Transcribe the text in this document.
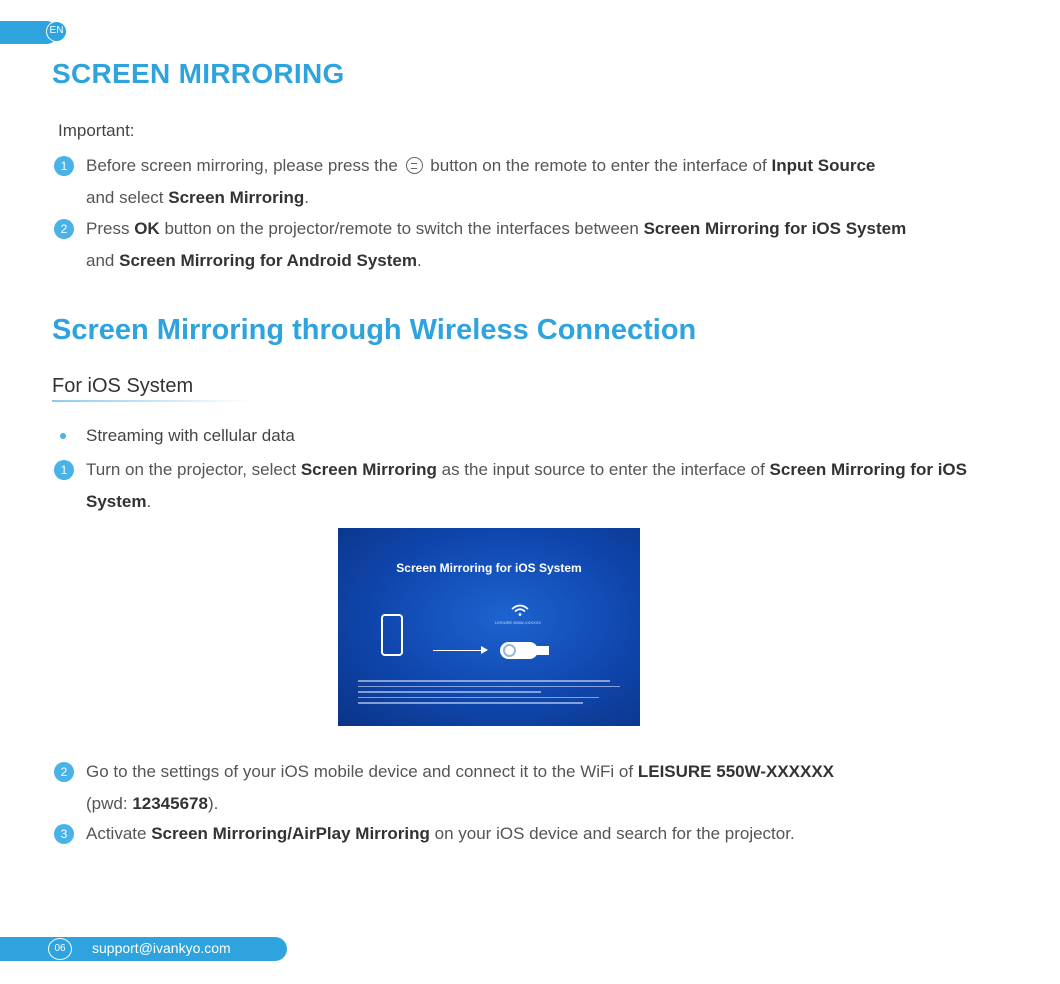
EN
SCREEN MIRRORING
Important:
1	Before screen mirroring, please press the button on the remote to enter the interface of Input Source
and select Screen Mirroring.
2	Press OK button on the projector/remote to switch the interfaces between Screen Mirroring for iOS System
and Screen Mirroring for Android System.
Screen Mirroring through Wireless Connection
For iOS System
Streaming with cellular data
1	Turn on the projector, select Screen Mirroring as the input source to enter the interface of Screen Mirroring for iOS System.
Screen Mirroring for iOS System
LEISURE 550W-XXXXXX
2	Go to the settings of your iOS mobile device and connect it to the WiFi of LEISURE 550W-XXXXXX
(pwd: 12345678).
3	Activate Screen Mirroring/AirPlay Mirroring on your iOS device and search for the projector.
06	support@ivankyo.com
